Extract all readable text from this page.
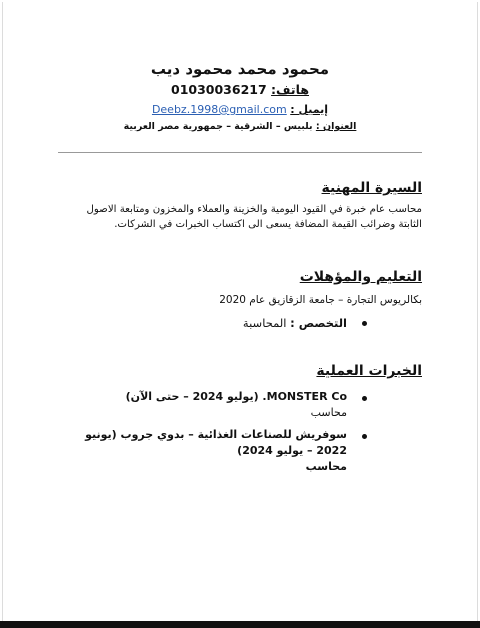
محمود محمد محمود ديب
هاتف: 01030036217
إيميل : Deebz.1998@gmail.com
العنوان : بلبيس – الشرقية – جمهورية مصر العربية
السيرة المهنية

محاسب عام خبرة في القيود اليومية والخزينة والعملاء والمخزون ومتابعة الاصول الثابتة وضرائب القيمة المضافة يسعى الى اكتساب الخبرات في الشركات.

التعليم والمؤهلات
بكالريوس التجارة – جامعة الزقازيق عام 2020
التخصص : المحاسبة
الخبرات العملية
MONSTER Co. (يوليو 2024 – حتى الآن)
محاسب
سوفريش للصناعات الغذائية – بدوي جروب (يونيو 2022 – يوليو 2024)
محاسب
